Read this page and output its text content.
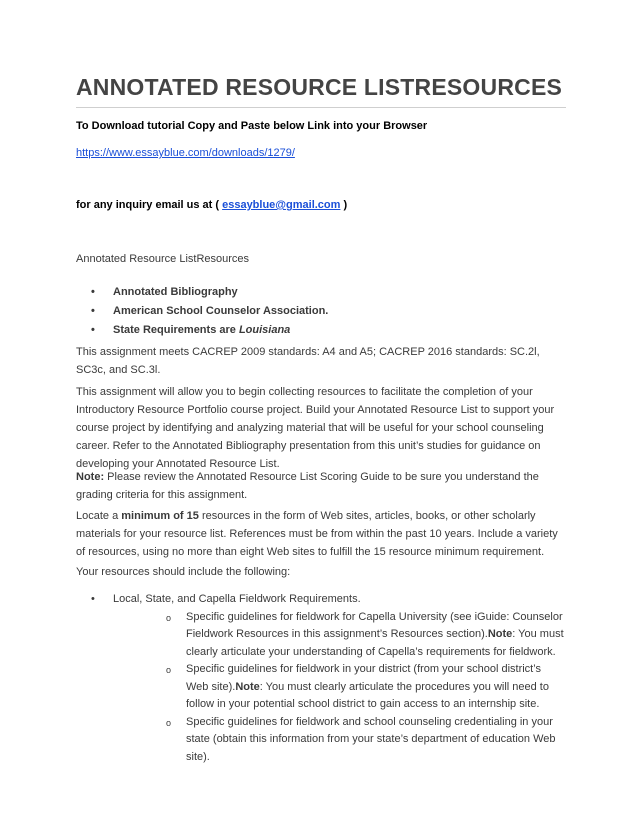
ANNOTATED RESOURCE LISTRESOURCES
To Download tutorial Copy and Paste below Link into your Browser
https://www.essayblue.com/downloads/1279/
for any inquiry email us at ( essayblue@gmail.com )
Annotated Resource ListResources
• Annotated Bibliography
• American School Counselor Association.
• State Requirements are Louisiana

This assignment meets CACREP 2009 standards: A4 and A5; CACREP 2016 standards: SC.2l, SC3c, and SC.3l.

This assignment will allow you to begin collecting resources to facilitate the completion of your Introductory Resource Portfolio course project. Build your Annotated Resource List to support your course project by identifying and analyzing material that will be useful for your school counseling career. Refer to the Annotated Bibliography presentation from this unit’s studies for guidance on developing your Annotated Resource List.

Note: Please review the Annotated Resource List Scoring Guide to be sure you understand the grading criteria for this assignment.

Locate a minimum of 15 resources in the form of Web sites, articles, books, or other scholarly materials for your resource list. References must be from within the past 10 years. Include a variety of resources, using no more than eight Web sites to fulfill the 15 resource minimum requirement.

Your resources should include the following:

• Local, State, and Capella Fieldwork Requirements.
o Specific guidelines for fieldwork for Capella University (see iGuide: Counselor Fieldwork Resources in this assignment’s Resources section).Note: You must clearly articulate your understanding of Capella’s requirements for fieldwork.
o Specific guidelines for fieldwork in your district (from your school district’s Web site).Note: You must clearly articulate the procedures you will need to follow in your potential school district to gain access to an internship site.
o Specific guidelines for fieldwork and school counseling credentialing in your state (obtain this information from your state’s department of education Web site).
